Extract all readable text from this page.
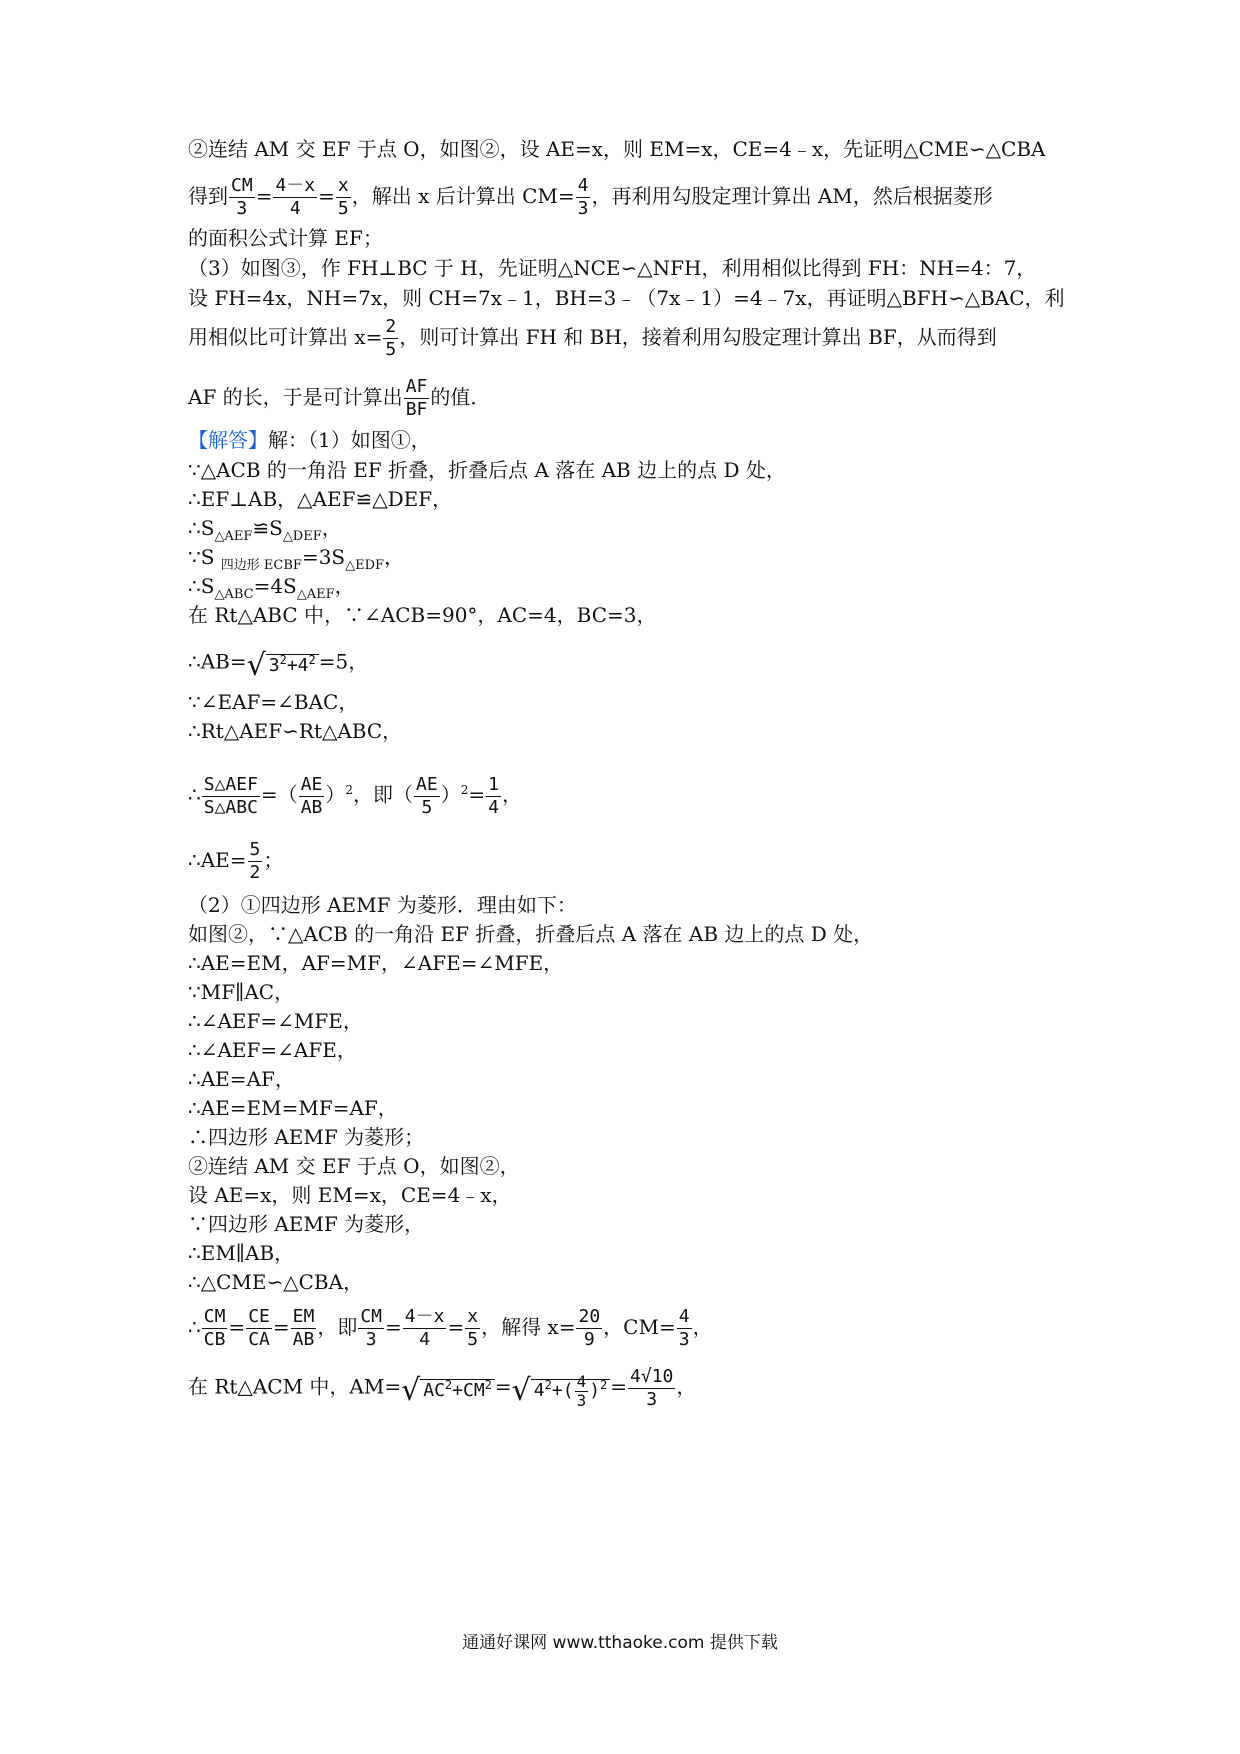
②连结 AM 交 EF 于点 O，如图②，设 AE=x，则 EM=x，CE=4﹣x，先证明△CME∽△CBA
得到 $\frac{CM}{3} = \frac{4-x}{4} = \frac{x}{5}$ ，解出 x 后计算出 $CM= \frac{4}{3}$ ，再利用勾股定理计算出 AM，然后根据菱形
的面积公式计算 EF；
（3）如图③，作 FH⊥BC 于 H，先证明△NCE∽△NFH，利用相似比得到 FH：NH=4：7，
设 FH=4x，NH=7x，则 CH=7x﹣1，BH=3﹣（7x﹣1）=4﹣7x，再证明△BFH∽△BAC，利
用相似比可计算出 $x= \frac{2}{5}$ ，则可计算出 FH 和 BH，接着利用勾股定理计算出 BF，从而得到
AF 的长，于是可计算出 $\frac{AF}{BF}$ 的值．
【解答】解：（1）如图①，
∵△ACB 的一角沿 EF 折叠，折叠后点 A 落在 AB 边上的点 D 处，
∴EF⊥AB，△AEF≌△DEF，
$\therefore S_{\triangle AEF}≌S_{\triangle DEF}$，
∵S $_{四边形 ECBF}=3S_{\triangle EDF}$，
$\therefore S_{\triangle ABC}=4S_{\triangle AEF}$，
在 Rt△ABC 中，∵∠ACB=90°，AC=4，BC=3，
∴AB=√ $3^2+4^2 =5$，
∵∠EAF=∠BAC，
∴Rt△AEF∽Rt△ABC，
∴ $\frac{\text{S△AEF}}{\text{S△ABC}}$ =（ $\frac{AE}{AB} )^2$，即（ $\frac{AE}{5} )^2= \frac{1}{4}$ ，
∴AE= $\frac{5}{2}$ ；
（2）①四边形 AEMF 为菱形．理由如下：
如图②，∵△ACB 的一角沿 EF 折叠，折叠后点 A 落在 AB 边上的点 D 处，
∴AE=EM，AF=MF，∠AFE=∠MFE，
∵MF∥AC，
∴∠AEF=∠MFE，
∴∠AEF=∠AFE，
∴AE=AF，
∴AE=EM=MF=AF，
∴四边形 AEMF 为菱形；
②连结 AM 交 EF 于点 O，如图②，
设 AE=x，则 EM=x，CE=4﹣x，
∵四边形 AEMF 为菱形，
∴EM∥AB，
∴△CME∽△CBA，
∴ $\frac{CM}{CB} = \frac{CE}{CA} = \frac{EM}{AB}$ ，即 $\frac{CM}{3} = \frac{4-x}{4} = \frac{x}{5}$ ，解得 $x= \frac{20}{9}$ ，$CM= \frac{4}{3}$ ，
在 Rt△ACM 中，AM=√ $AC^2+CM^2$ =√ $4^2+( \frac{4}{3} )^2 = \frac{4√10}{3}$ ，
通通好课网 www.tthaoke.com 提供下载
